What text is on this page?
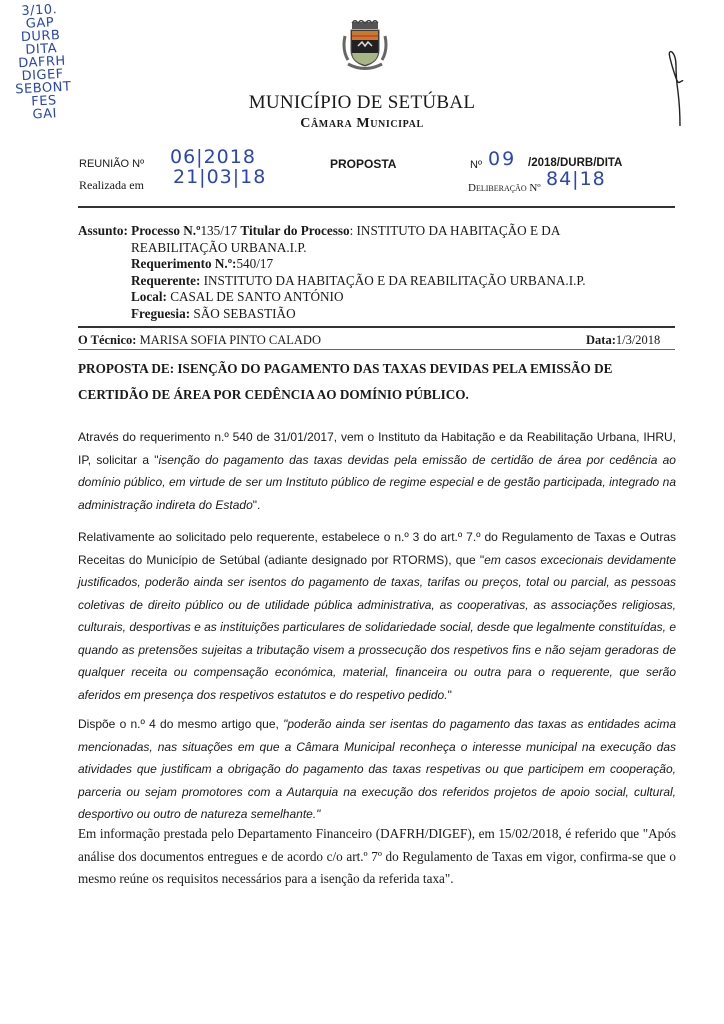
3/10.
GAP
DURB
DITA
DAFRH
DIGEF
SEBONT
FES
GAI
MUNICÍPIO DE SETÚBAL
Câmara Municipal
REUNIÃO Nº 06|2018
Realizada em 21|03|18
PROPOSTA	Nº 09 /2018/DURB/DITA
Deliberação Nº 84|18
Assunto: Processo N.º135/17 Titular do Processo: INSTITUTO DA HABITAÇÃO E DA
REABILITAÇÃO URBANA.I.P.
Requerimento N.º:540/17
Requerente: INSTITUTO DA HABITAÇÃO E DA REABILITAÇÃO URBANA.I.P.
Local: CASAL DE SANTO ANTÓNIO
Freguesia: SÃO SEBASTIÃO
O Técnico: MARISA SOFIA PINTO CALADO	Data:1/3/2018
PROPOSTA DE: ISENÇÃO DO PAGAMENTO DAS TAXAS DEVIDAS PELA EMISSÃO DE
CERTIDÃO DE ÁREA POR CEDÊNCIA AO DOMÍNIO PÚBLICO.
Através do requerimento n.º 540 de 31/01/2017, vem o Instituto da Habitação e da Reabilitação Urbana, IHRU, IP, solicitar a "isenção do pagamento das taxas devidas pela emissão de certidão de área por cedência ao domínio público, em virtude de ser um Instituto público de regime especial e de gestão participada, integrado na administração indireta do Estado".
Relativamente ao solicitado pelo requerente, estabelece o n.º 3 do art.º 7.º do Regulamento de Taxas e Outras Receitas do Município de Setúbal (adiante designado por RTORMS), que "em casos excecionais devidamente justificados, poderão ainda ser isentos do pagamento de taxas, tarifas ou preços, total ou parcial, as pessoas coletivas de direito público ou de utilidade pública administrativa, as cooperativas, as associações religiosas, culturais, desportivas e as instituições particulares de solidariedade social, desde que legalmente constituídas, e quando as pretensões sujeitas a tributação visem a prossecução dos respetivos fins e não sejam geradoras de qualquer receita ou compensação económica, material, financeira ou outra para o requerente, que serão aferidos em presença dos respetivos estatutos e do respetivo pedido."
Dispõe o n.º 4 do mesmo artigo que, "poderão ainda ser isentas do pagamento das taxas as entidades acima mencionadas, nas situações em que a Câmara Municipal reconheça o interesse municipal na execução das atividades que justificam a obrigação do pagamento das taxas respetivas ou que participem em cooperação, parceria ou sejam promotores com a Autarquia na execução dos referidos projetos de apoio social, cultural, desportivo ou outro de natureza semelhante."
Em informação prestada pelo Departamento Financeiro (DAFRH/DIGEF), em 15/02/2018, é referido que "Após análise dos documentos entregues e de acordo c/o art.º 7º do Regulamento de Taxas em vigor, confirma-se que o mesmo reúne os requisitos necessários para a isenção da referida taxa".
